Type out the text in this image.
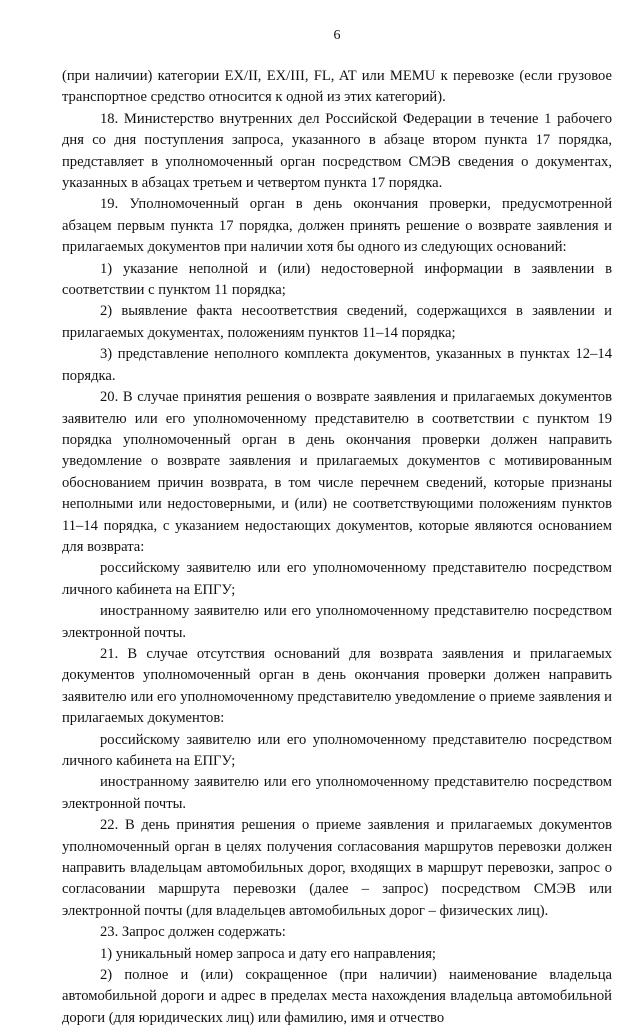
6

(при наличии) категории EX/II, EX/III, FL, AT или MEMU к перевозке (если грузовое транспортное средство относится к одной из этих категорий).

18. Министерство внутренних дел Российской Федерации в течение 1 рабочего дня со дня поступления запроса, указанного в абзаце втором пункта 17 порядка, представляет в уполномоченный орган посредством СМЭВ сведения о документах, указанных в абзацах третьем и четвертом пункта 17 порядка.

19. Уполномоченный орган в день окончания проверки, предусмотренной абзацем первым пункта 17 порядка, должен принять решение о возврате заявления и прилагаемых документов при наличии хотя бы одного из следующих оснований:

1) указание неполной и (или) недостоверной информации в заявлении в соответствии с пунктом 11 порядка;

2) выявление факта несоответствия сведений, содержащихся в заявлении и прилагаемых документах, положениям пунктов 11–14 порядка;

3) представление неполного комплекта документов, указанных в пунктах 12–14 порядка.

20. В случае принятия решения о возврате заявления и прилагаемых документов заявителю или его уполномоченному представителю в соответствии с пунктом 19 порядка уполномоченный орган в день окончания проверки должен направить уведомление о возврате заявления и прилагаемых документов с мотивированным обоснованием причин возврата, в том числе перечнем сведений, которые признаны неполными или недостоверными, и (или) не соответствующими положениям пунктов 11–14 порядка, с указанием недостающих документов, которые являются основанием для возврата:

российскому заявителю или его уполномоченному представителю посредством личного кабинета на ЕПГУ;

иностранному заявителю или его уполномоченному представителю посредством электронной почты.

21. В случае отсутствия оснований для возврата заявления и прилагаемых документов уполномоченный орган в день окончания проверки должен направить заявителю или его уполномоченному представителю уведомление о приеме заявления и прилагаемых документов:

российскому заявителю или его уполномоченному представителю посредством личного кабинета на ЕПГУ;

иностранному заявителю или его уполномоченному представителю посредством электронной почты.

22. В день принятия решения о приеме заявления и прилагаемых документов уполномоченный орган в целях получения согласования маршрутов перевозки должен направить владельцам автомобильных дорог, входящих в маршрут перевозки, запрос о согласовании маршрута перевозки (далее – запрос) посредством СМЭВ или электронной почты (для владельцев автомобильных дорог – физических лиц).

23. Запрос должен содержать:

1) уникальный номер запроса и дату его направления;

2) полное и (или) сокращенное (при наличии) наименование владельца автомобильной дороги и адрес в пределах места нахождения владельца автомобильной дороги (для юридических лиц) или фамилию, имя и отчество
